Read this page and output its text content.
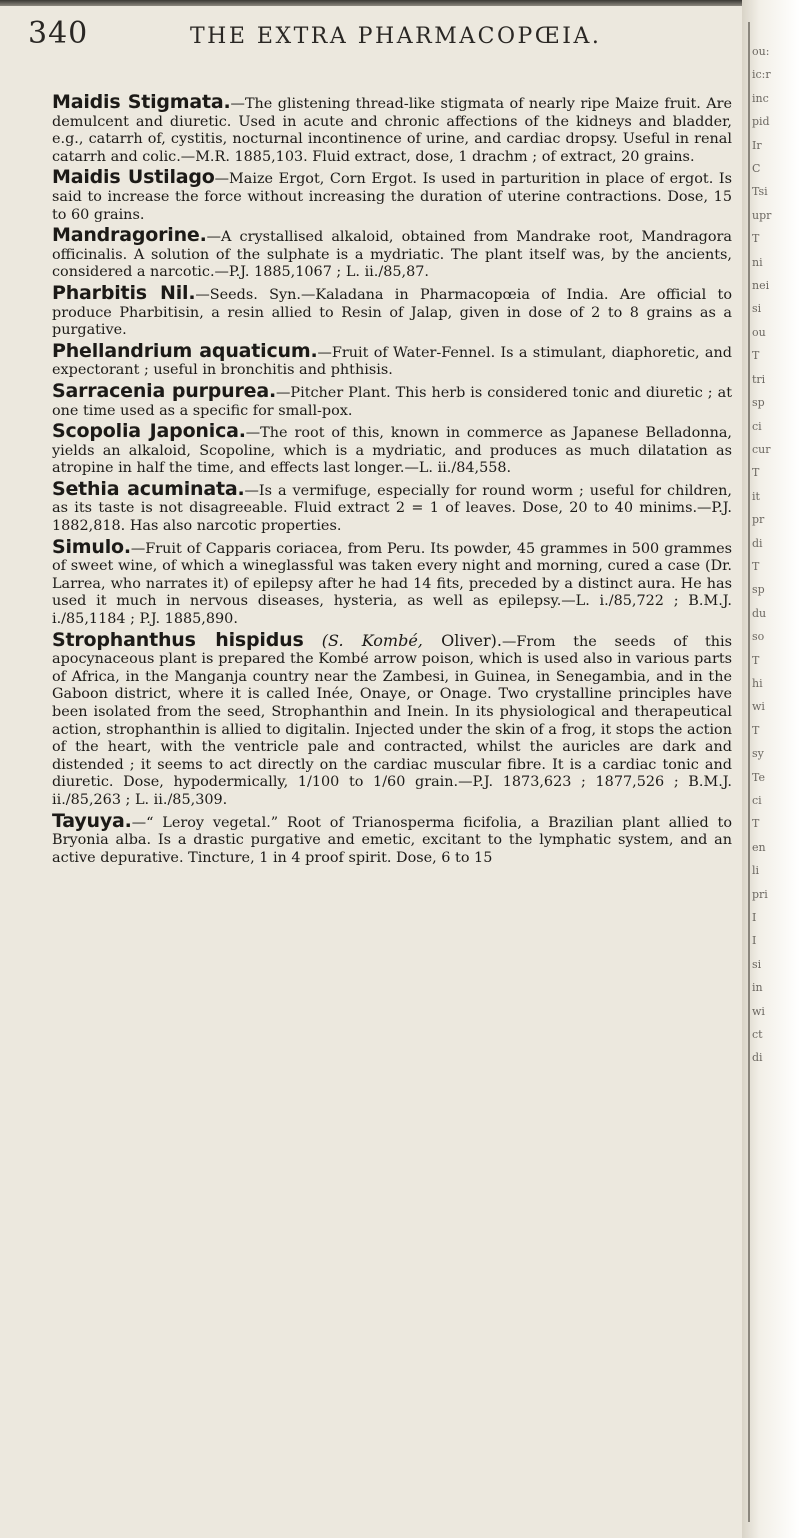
340	THE EXTRA PHARMACOPŒIA.

Maidis Stigmata.—The glistening thread-like stigmata of nearly ripe Maize fruit. Are demulcent and diuretic. Used in acute and chronic affections of the kidneys and bladder, e.g., catarrh of, cystitis, nocturnal incontinence of urine, and cardiac dropsy. Useful in renal catarrh and colic.—M.R. 1885,103. Fluid extract, dose, 1 drachm ; of extract, 20 grains.

Maidis Ustilago—Maize Ergot, Corn Ergot. Is used in parturition in place of ergot. Is said to increase the force without increasing the duration of uterine contractions. Dose, 15 to 60 grains.

Mandragorine.—A crystallised alkaloid, obtained from Mandrake root, Mandragora officinalis. A solution of the sulphate is a mydriatic. The plant itself was, by the ancients, considered a narcotic.—P.J. 1885,1067 ; L. ii./85,87.

Pharbitis Nil.—Seeds. Syn.—Kaladana in Pharmacopœia of India. Are official to produce Pharbitisin, a resin allied to Resin of Jalap, given in dose of 2 to 8 grains as a purgative.

Phellandrium aquaticum.—Fruit of Water-Fennel. Is a stimulant, diaphoretic, and expectorant ; useful in bronchitis and phthisis.

Sarracenia purpurea.—Pitcher Plant. This herb is considered tonic and diuretic ; at one time used as a specific for small-pox.

Scopolia Japonica.—The root of this, known in commerce as Japanese Belladonna, yields an alkaloid, Scopoline, which is a mydriatic, and produces as much dilatation as atropine in half the time, and effects last longer.—L. ii./84,558.

Sethia acuminata.—Is a vermifuge, especially for round worm ; useful for children, as its taste is not disagreeable. Fluid extract 2 = 1 of leaves. Dose, 20 to 40 minims.—P.J. 1882,818. Has also narcotic properties.

Simulo.—Fruit of Capparis coriacea, from Peru. Its powder, 45 grammes in 500 grammes of sweet wine, of which a wineglassful was taken every night and morning, cured a case (Dr. Larrea, who narrates it) of epilepsy after he had 14 fits, preceded by a distinct aura. He has used it much in nervous diseases, hysteria, as well as epilepsy.—L. i./85,722 ; B.M.J. i./85,1184 ; P.J. 1885,890.

Strophanthus hispidus (S. Kombé, Oliver).—From the seeds of this apocynaceous plant is prepared the Kombé arrow poison, which is used also in various parts of Africa, in the Manganja country near the Zambesi, in Guinea, in Senegambia, and in the Gaboon district, where it is called Inée, Onaye, or Onage. Two crystalline principles have been isolated from the seed, Strophanthin and Inein. In its physiological and therapeutical action, strophanthin is allied to digitalin. Injected under the skin of a frog, it stops the action of the heart, with the ventricle pale and contracted, whilst the auricles are dark and distended ; it seems to act directly on the cardiac muscular fibre. It is a cardiac tonic and diuretic. Dose, hypodermically, 1/100 to 1/60 grain.—P.J. 1873,623 ; 1877,526 ; B.M.J. ii./85,263 ; L. ii./85,309.

Tayuya.—“ Leroy vegetal.” Root of Trianosperma ficifolia, a Brazilian plant allied to Bryonia alba. Is a drastic purgative and emetic, excitant to the lymphatic system, and an active depurative. Tincture, 1 in 4 proof spirit. Dose, 6 to 15

ou:
ic:r
inc
pid
Ir
C
Tsi
upr
T
ni
nei
si
ou
T
tri
sp
ci
cur
T
it
pr
di
T
sp
du
so
T
hi
wi
T
sy
Te
ci
T
en
li
pri
I
I
si
in
wi
ct
di
